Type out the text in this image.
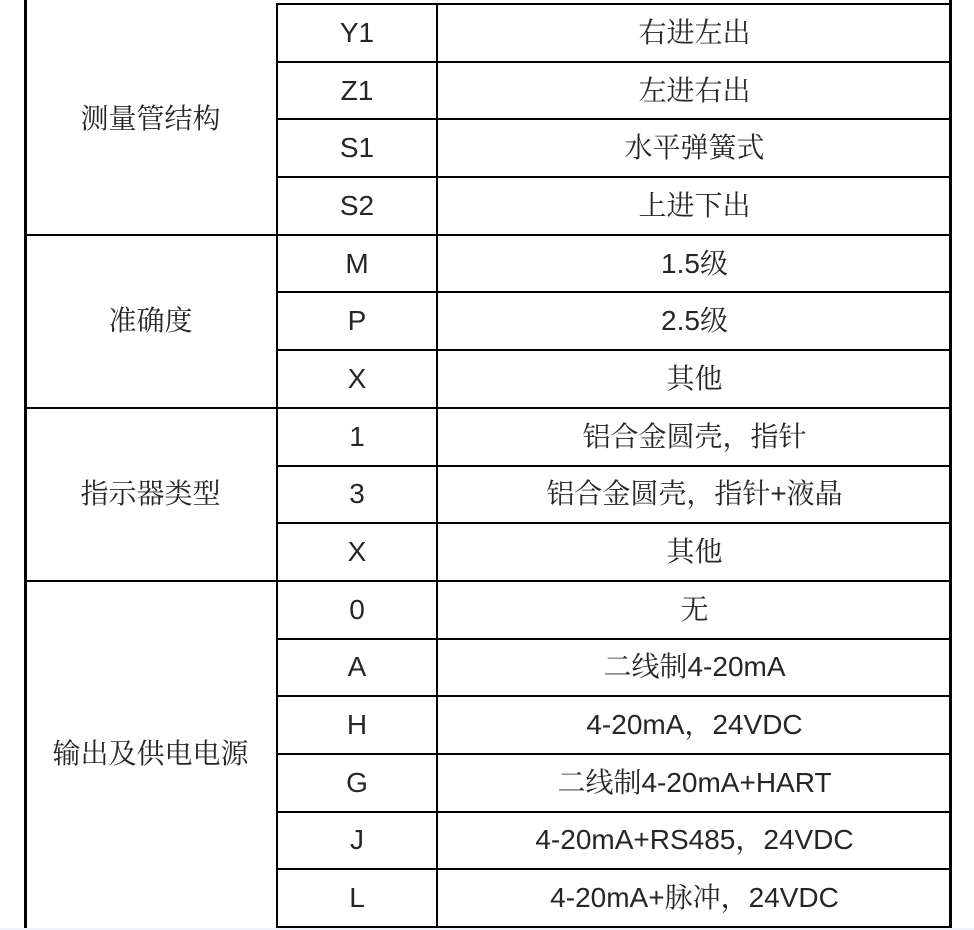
测量管结构	Y1	右进左出
	Z1	左进右出
	S1	水平弹簧式
	S2	上进下出
准确度	M	1.5级
	P	2.5级
	X	其他
指示器类型	1	铝合金圆壳，指针
	3	铝合金圆壳，指针+液晶
	X	其他
输出及供电电源	0	无
	A	二线制4-20mA
	H	4-20mA，24VDC
	G	二线制4-20mA+HART
	J	4-20mA+RS485，24VDC
	L	4-20mA+脉冲，24VDC
